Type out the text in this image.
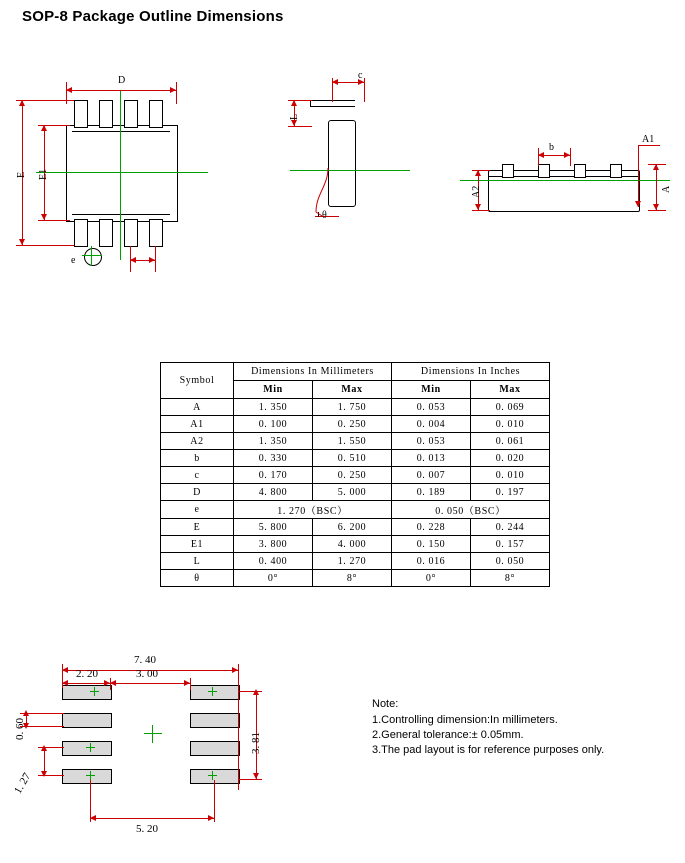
SOP-8 Package Outline Dimensions
D
E E1
e
c
L
θ
b
A1
A
A2
Symbol	Dimensions In Millimeters		Dimensions In Inches	
	Min	Max	Min	Max
A	1. 350	1. 750	0. 053	0. 069
A1	0. 100	0. 250	0. 004	0. 010
A2	1. 350	1. 550	0. 053	0. 061
b	0. 330	0. 510	0. 013	0. 020
c	0. 170	0. 250	0. 007	0. 010
D	4. 800	5. 000	0. 189	0. 197
e	1. 270（BSC）		0. 050（BSC）	
E	5. 800	6. 200	0. 228	0. 244
E1	3. 800	4. 000	0. 150	0. 157
L	0. 400	1. 270	0. 016	0. 050
θ	0°	8°	0°	8°
7. 40
3. 00
2. 20
0. 60
1. 27
3. 81
5. 20
Note:
1.Controlling dimension:In millimeters.
2.General tolerance:± 0.05mm.
3.The pad layout is for reference purposes only.
